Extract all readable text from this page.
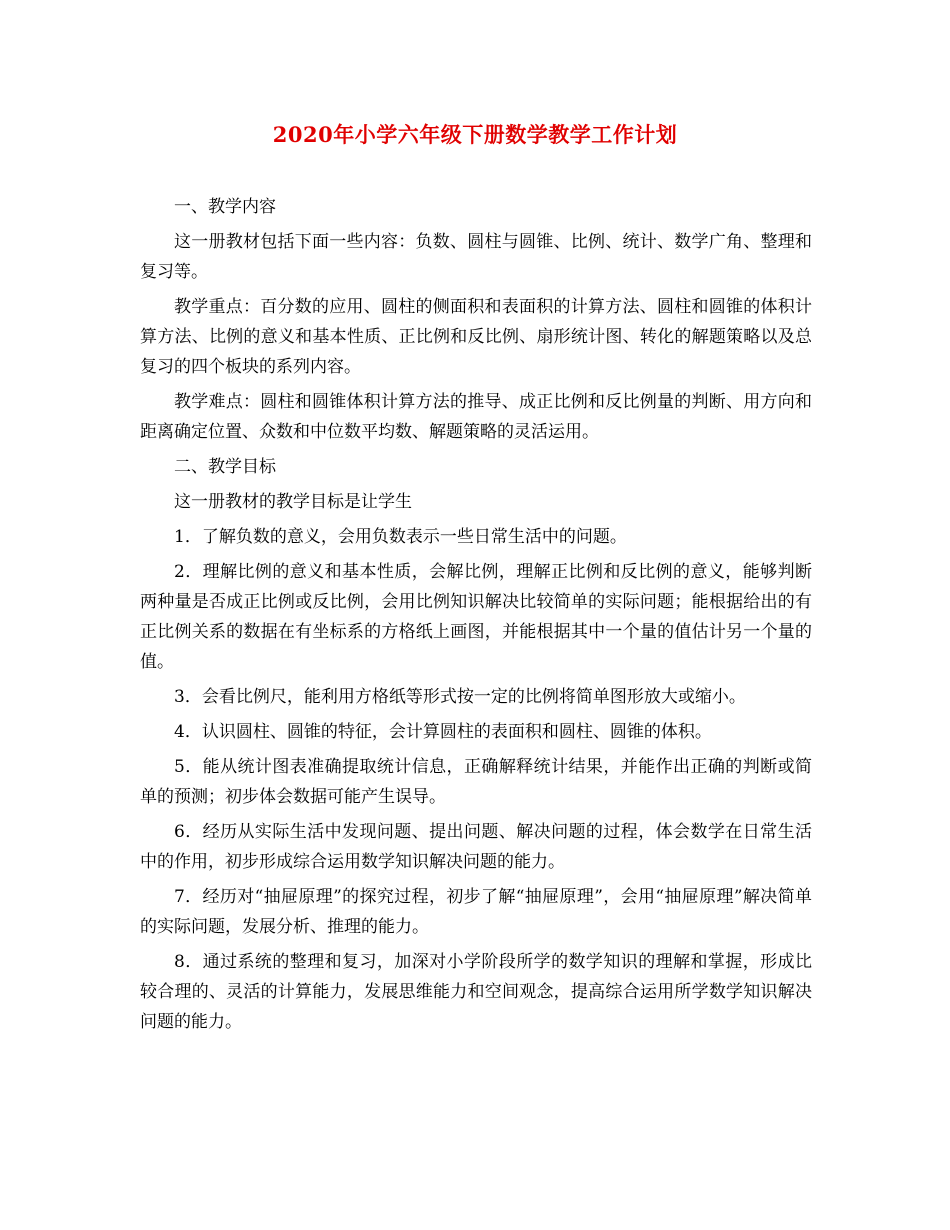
2020年小学六年级下册数学教学工作计划

一、教学内容

这一册教材包括下面一些内容：负数、圆柱与圆锥、比例、统计、数学广角、整理和复习等。

教学重点：百分数的应用、圆柱的侧面积和表面积的计算方法、圆柱和圆锥的体积计算方法、比例的意义和基本性质、正比例和反比例、扇形统计图、转化的解题策略以及总复习的四个板块的系列内容。

教学难点：圆柱和圆锥体积计算方法的推导、成正比例和反比例量的判断、用方向和距离确定位置、众数和中位数平均数、解题策略的灵活运用。

二、教学目标

这一册教材的教学目标是让学生

1．了解负数的意义，会用负数表示一些日常生活中的问题。

2．理解比例的意义和基本性质，会解比例，理解正比例和反比例的意义，能够判断两种量是否成正比例或反比例，会用比例知识解决比较简单的实际问题；能根据给出的有正比例关系的数据在有坐标系的方格纸上画图，并能根据其中一个量的值估计另一个量的值。

3．会看比例尺，能利用方格纸等形式按一定的比例将简单图形放大或缩小。

4．认识圆柱、圆锥的特征，会计算圆柱的表面积和圆柱、圆锥的体积。

5．能从统计图表准确提取统计信息，正确解释统计结果，并能作出正确的判断或简单的预测；初步体会数据可能产生误导。

6．经历从实际生活中发现问题、提出问题、解决问题的过程，体会数学在日常生活中的作用，初步形成综合运用数学知识解决问题的能力。

7．经历对“抽屉原理”的探究过程，初步了解“抽屉原理”，会用“抽屉原理”解决简单的实际问题，发展分析、推理的能力。

8．通过系统的整理和复习，加深对小学阶段所学的数学知识的理解和掌握，形成比较合理的、灵活的计算能力，发展思维能力和空间观念，提高综合运用所学数学知识解决问题的能力。
